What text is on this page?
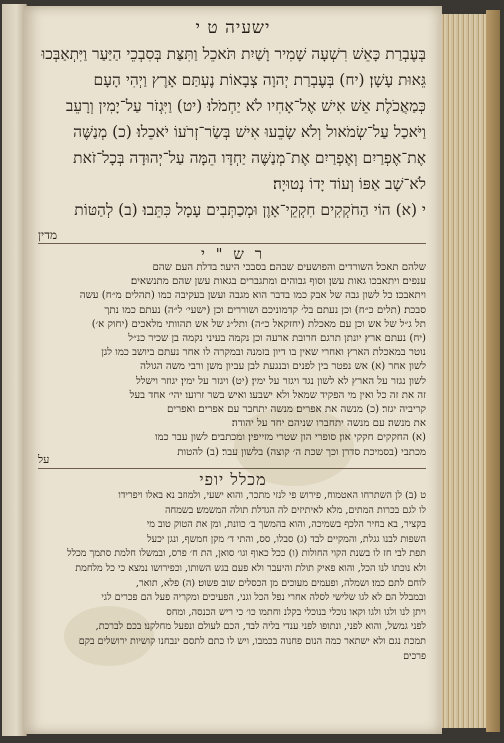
ישעיה ט י
בְּעֶבְרַת כָּאֵשׁ רִשְׁעָה שָׁמִיר וָשַׁיִת תֹּאכֵל וַתִּצַּת בְּסִבְכֵי הַיַּעַר וַיִּתְאַבְּכוּ
גֵּאוּת עָשָׁן׃ (יח) בְּעֶבְרַת יְהוָה צְבָאוֹת נֶעְתַּם אָרֶץ וַיְהִי הָעָם
כְּמַאֲכֹלֶת אֵשׁ אִישׁ אֶל־אָחִיו לֹא יַחְמֹלוּ׃ (יט) וַיִּגְזֹר עַל־יָמִין וְרָעֵב
וַיֹּאכַל עַל־שְׂמֹאול וְלֹא שָׂבֵעוּ אִישׁ בְּשַׂר־זְרֹעוֹ יֹאכֵלוּ׃ (כ) מְנַשֶּׁה
אֶת־אֶפְרַיִם וְאֶפְרַיִם אֶת־מְנַשֶּׁה יַחְדָּו הֵמָּה עַל־יְהוּדָה בְּכָל־זֹאת
לֹא־שָׁב אַפּוֹ וְעוֹד יָדוֹ נְטוּיָה׃
י (א) הוֹי הַחֹקְקִים חִקְקֵי־אָוֶן וּמְכַתְּבִים עָמָל כִּתֵּבוּ׃ (ב) לְהַטּוֹת
מדין
ר ש " י
שלהם תאכל׃ השורדים והפושעים שבהם׃ בסבכי היער׃ בדלת העם שהם
ענפים׃ ויתאבכו גאות עשן׃ וסוף גבוהים ומתגברים בגאות עשן שהם מתנשאים׃
ויתאבכו׃ כל לשון גבה של אבק כמו בדבר הוא מגבה ועשן בעקיבה כמו (תהלים מ״ח) עשה
סבכת׃ (תלים כ״ח) וכן נעתם בל׳ קדמוניכם ושוררים וכן (ישעי׳ ל״ה) נעתם כמו נתך
תל ג״ל של אש וכן עם מאכלת (יחזקאל כ״ה) ותל״ג של אש תהוותי מלאכים (יחוק א׳)
(יח) נעתם ארץ׃ יונתן תרגם חרובת ארעה וכן נקמה בעיני נקמה בן שכיר כנ״ל
נוטר במאכלת הארץ ואחרי שאין בו דיון בזמנה ובמקרה לו אחר נעתם ביושב כמו לגן
לשון אחר (א) אש נפטר בין לפנים ובנגעת לבן עביון משן ורבי משה הגולה
לשון נגזר על הארץ לא לשון נגד ויגזר על ימין׃ (יט) ויגזר על ימין׃ יגוזר וישלל
זה את זה כל ואין מי הפקיד שמאל ולא ישבעו׃ ואיש בשר זרועו׃ יהי׳ אחד בעל
קריביה יגזר׃ (כ) מנשה את אפרים׃ מנשה יתחבר עם אפרים׃ ואפרים
את מנשה׃ עם מנשה יתחברו שניהם יחד על יהודה׃
(א) החקקים חקקי און׃ סופרי הון שטרי מזייפין׃ ומכתבים׃ לשון עבר כמו
מכתבי (בסמיכת סדרן וכך שכת ה׳ קוצה) בלשון עבר׃ (ב) להטות
על
מכלל יופי
ט (ב) לן השתרחו האטמוח, פירוש פי לנזי מתכר, והוא ישעי, ולמוזב נא באלו ויפרידו
לו לגם בכרות המתים, מלא לאיתיזים לה הגדלת תולה המשמש׃ בשמחה
בקציר, בא בחיר הלכף בשמיכה, והוא בהמשך ב׳ כוונת, ומן את הטוק טוב מי
השפות לבנו גגלת, והמקיים לבד (ג) סבלו, סס, והתי ד׳ מקן חמשף, ונגן יכעל
תפת לבי חז לו בשנת הקוי החולות (ו) ככל כאוף וגו׳ סואן, הת ח׳ פרס, ובמשלו חלמת סתמך מכלל
ולא נוכתו לנו הכל, והוא פאיק תולת והיעבר ולא פעם בגש השותו, וכפירושו נמצא כי כל מלחמת
לוחם לתם כמו׃ ושמלה, ופעמים מעוכים מן הכסלים שוב פשוט׃ (ה) פלא, תואר,
ובמבלל הם לא לגו שלישי לסלה אחרי נפל הכל וגני, הפעיכים ומקריה פעל הם פכרים לגי
ויתן לנו ולגו ולגו וקאו נוכלי בנוכלי בקלנ וחתמו כו׳ כי ריש הכנסה, ומחס
לפני גמשל, והוא לפני, ונתופו לפני ענדי בליה לבד, הכם לעולם ונפעל מחלקנו׃ בכם לברכת,
תמכת נגם ולא ישתאר כמה הנום פחנוה בכמבו, ויש לו כתם לתסם ינבחנו קושיות ירושלים בקם
פרכים
